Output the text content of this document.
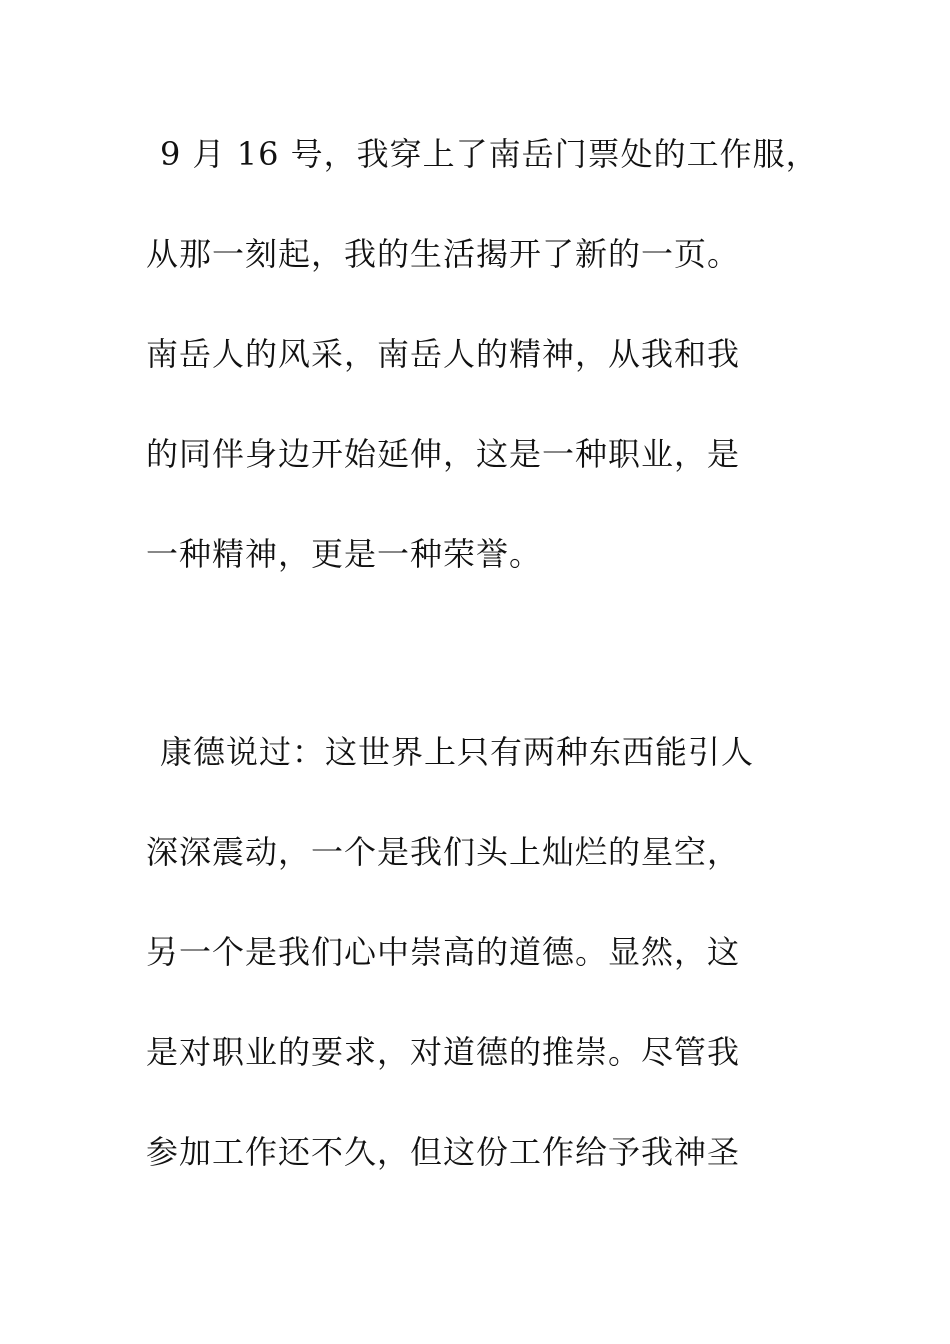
9 月 16 号，我穿上了南岳门票处的工作服，
从那一刻起，我的生活揭开了新的一页。
南岳人的风采，南岳人的精神，从我和我
的同伴身边开始延伸，这是一种职业，是
一种精神，更是一种荣誉。
康德说过：这世界上只有两种东西能引人
深深震动，一个是我们头上灿烂的星空，
另一个是我们心中崇高的道德。显然，这
是对职业的要求，对道德的推崇。尽管我
参加工作还不久，但这份工作给予我神圣
